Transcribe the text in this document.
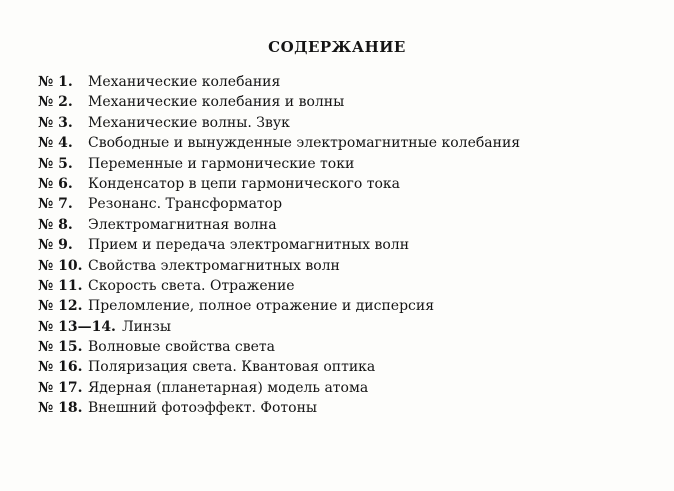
СОДЕРЖАНИЕ
№ 1. Механические колебания
№ 2. Механические колебания и волны
№ 3. Механические волны. Звук
№ 4. Свободные и вынужденные электромагнитные колебания
№ 5. Переменные и гармонические токи
№ 6. Конденсатор в цепи гармонического тока
№ 7. Резонанс. Трансформатор
№ 8. Электромагнитная волна
№ 9. Прием и передача электромагнитных волн
№ 10. Свойства электромагнитных волн
№ 11. Скорость света. Отражение
№ 12. Преломление, полное отражение и дисперсия
№ 13—14. Линзы
№ 15. Волновые свойства света
№ 16. Поляризация света. Квантовая оптика
№ 17. Ядерная (планетарная) модель атома
№ 18. Внешний фотоэффект. Фотоны
